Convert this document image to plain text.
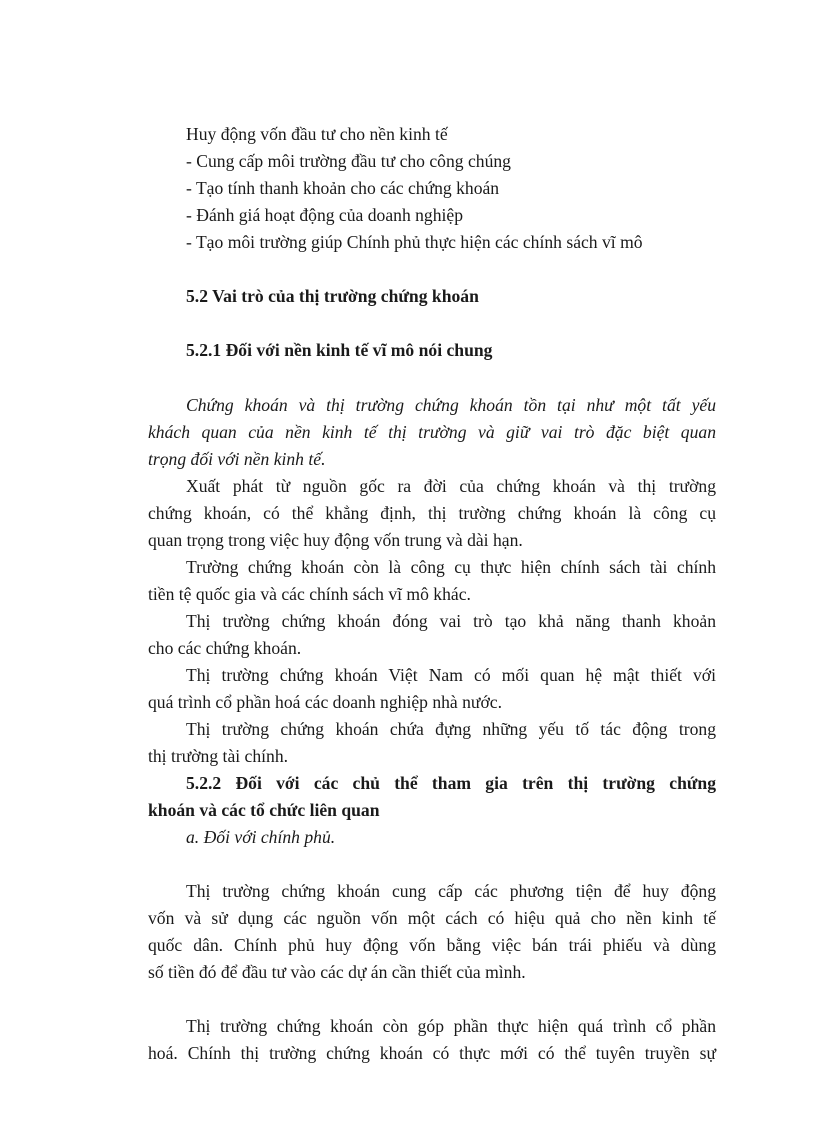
Huy động vốn đầu tư cho nền kinh tế
- Cung cấp môi trường đầu tư cho công chúng
- Tạo tính thanh khoản cho các chứng khoán
- Đánh giá hoạt động của doanh nghiệp
- Tạo môi trường giúp Chính phủ thực hiện các chính sách vĩ mô
5.2 Vai trò của thị trường chứng khoán
5.2.1 Đối với nền kinh tế vĩ mô nói chung
Chứng khoán và thị trường chứng khoán tồn tại như một tất yếu
khách quan của nền kinh tế thị trường và giữ vai trò đặc biệt quan
trọng đối với nền kinh tế.
Xuất phát từ nguồn gốc ra đời của chứng khoán và thị trường
chứng khoán, có thể khẳng định, thị trường chứng khoán là công cụ
quan trọng trong việc huy động vốn trung và dài hạn.
Trường chứng khoán còn là công cụ thực hiện chính sách tài chính
tiền tệ quốc gia và các chính sách vĩ mô khác.
Thị trường chứng khoán đóng vai trò tạo khả năng thanh khoản
cho các chứng khoán.
Thị trường chứng khoán Việt Nam có mối quan hệ mật thiết với
quá trình cổ phần hoá các doanh nghiệp nhà nước.
Thị trường chứng khoán chứa đựng những yếu tố tác động trong
thị trường tài chính.
5.2.2 Đối với các chủ thể tham gia trên thị trường chứng
khoán và các tổ chức liên quan
a. Đối với chính phủ.
Thị trường chứng khoán cung cấp các phương tiện để huy động
vốn và sử dụng các nguồn vốn một cách có hiệu quả cho nền kinh tế
quốc dân. Chính phủ huy động vốn bằng việc bán trái phiếu và dùng
số tiền đó để đầu tư vào các dự án cần thiết của mình.
Thị trường chứng khoán còn góp phần thực hiện quá trình cổ phần
hoá. Chính thị trường chứng khoán có thực mới có thể tuyên truyền sự
